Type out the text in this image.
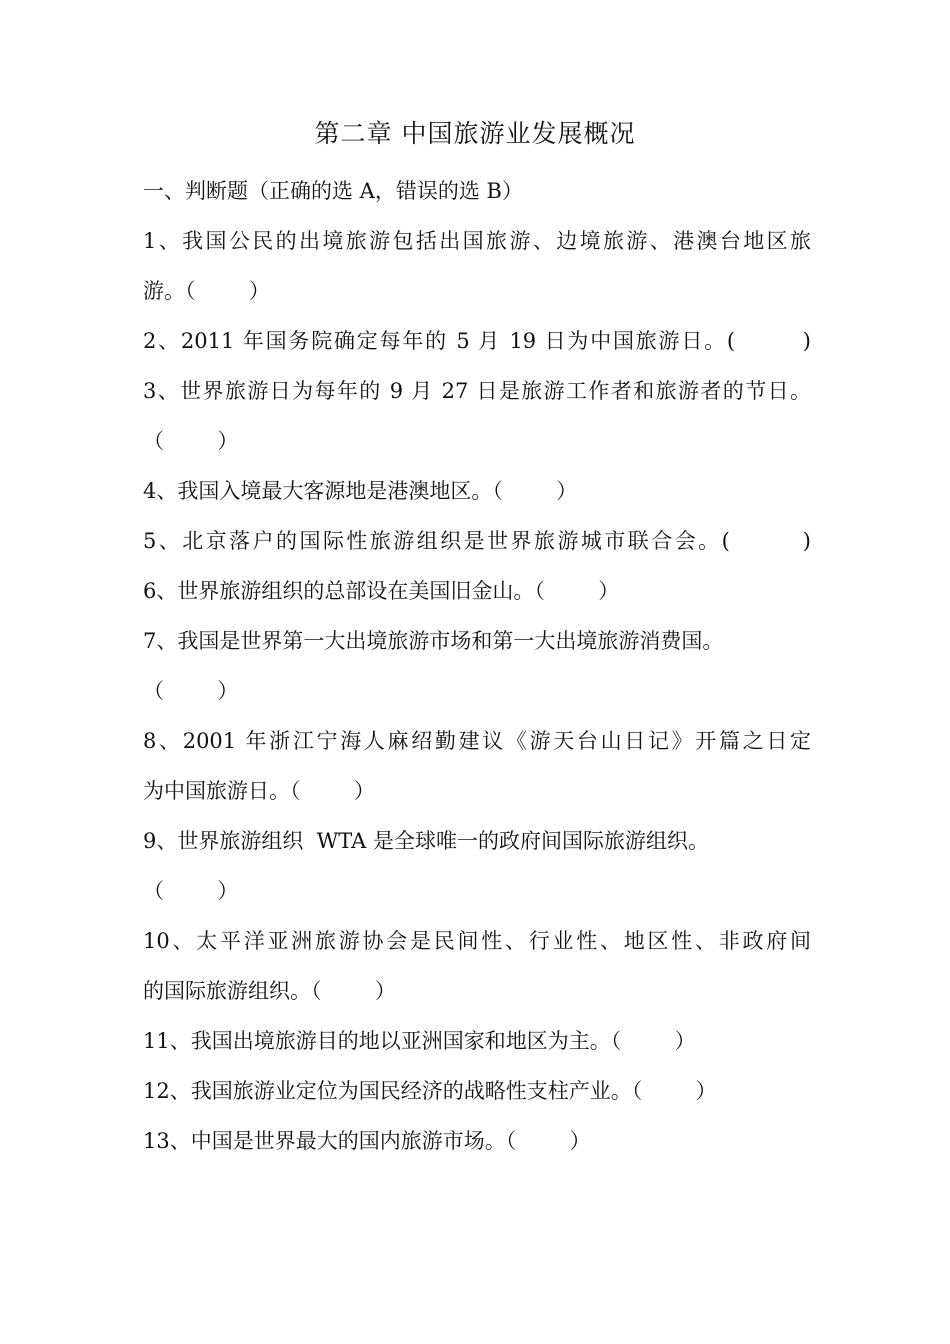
第二章 中国旅游业发展概况
一、判断题（正确的选 A，错误的选 B）
1、我国公民的出境旅游包括出国旅游、边境旅游、港澳台地区旅
游。（        ）
2、2011 年国务院确定每年的 5 月 19 日为中国旅游日。(        )
3、世界旅游日为每年的 9 月 27 日是旅游工作者和旅游者的节日。
（        ）
4、我国入境最大客源地是港澳地区。（        ）
5、北京落户的国际性旅游组织是世界旅游城市联合会。(        )
6、世界旅游组织的总部设在美国旧金山。（        ）
7、我国是世界第一大出境旅游市场和第一大出境旅游消费国。
（        ）
8、2001 年浙江宁海人麻绍勤建议《游天台山日记》开篇之日定
为中国旅游日。（        ）
9、世界旅游组织  WTA 是全球唯一的政府间国际旅游组织。
（        ）
10、太平洋亚洲旅游协会是民间性、行业性、地区性、非政府间
的国际旅游组织。（        ）
11、我国出境旅游目的地以亚洲国家和地区为主。（        ）
12、我国旅游业定位为国民经济的战略性支柱产业。（        ）
13、中国是世界最大的国内旅游市场。（        ）
